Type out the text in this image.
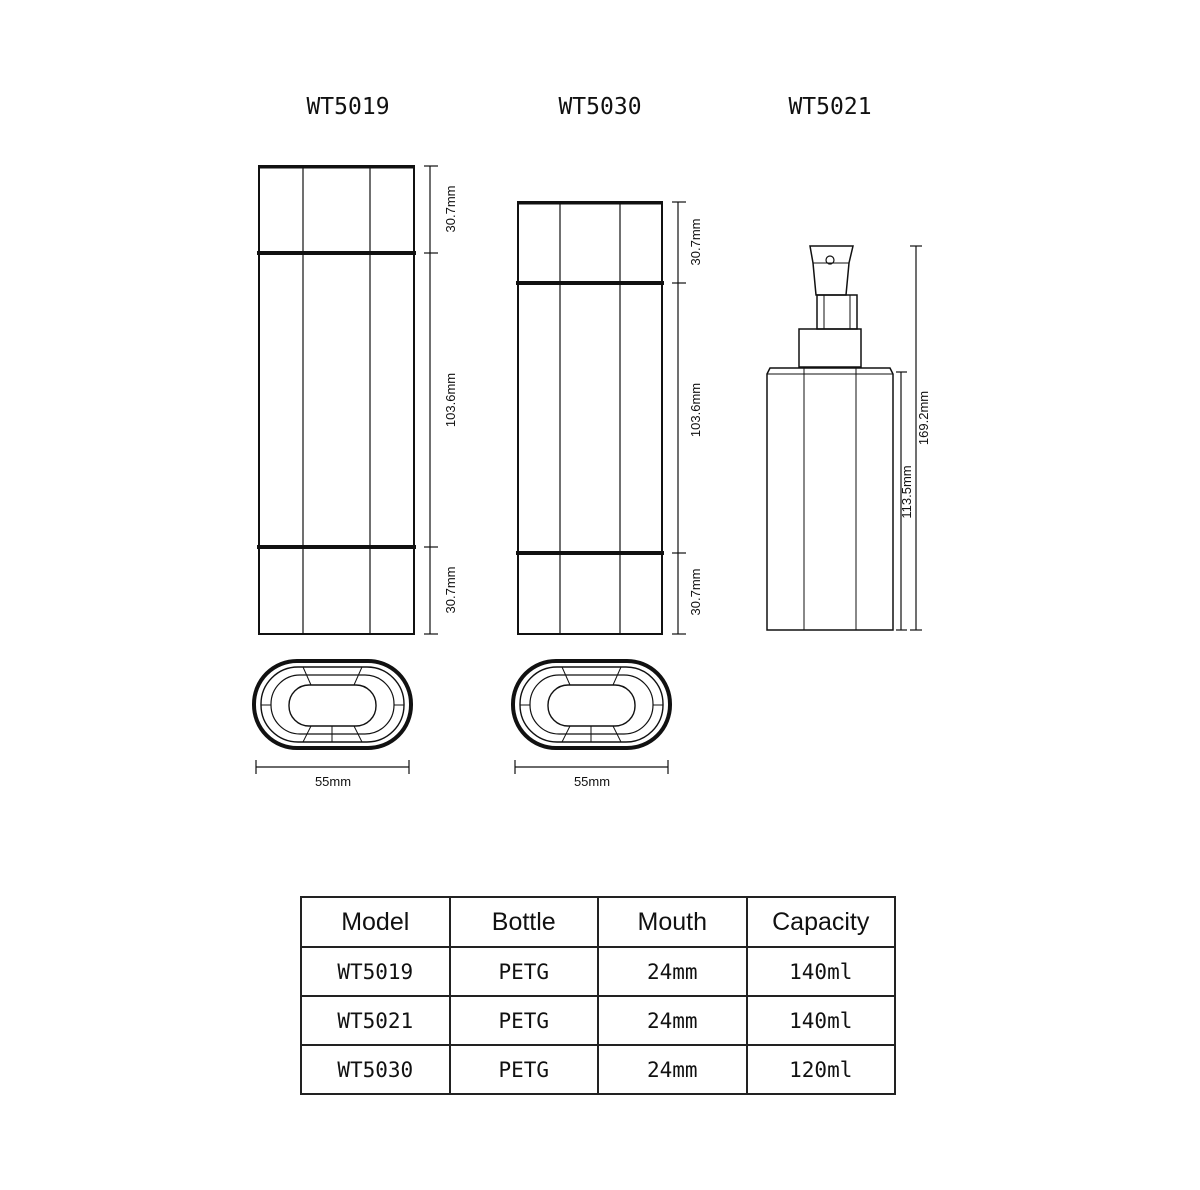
WT5019	WT5030	WT5021
30.7mm
103.6mm
30.7mm
30.7mm
103.6mm
30.7mm
169.2mm
113.5mm
55mm	55mm
Model	Bottle	Mouth	Capacity
WT5019	PETG	24mm	140ml
WT5021	PETG	24mm	140ml
WT5030	PETG	24mm	120ml
